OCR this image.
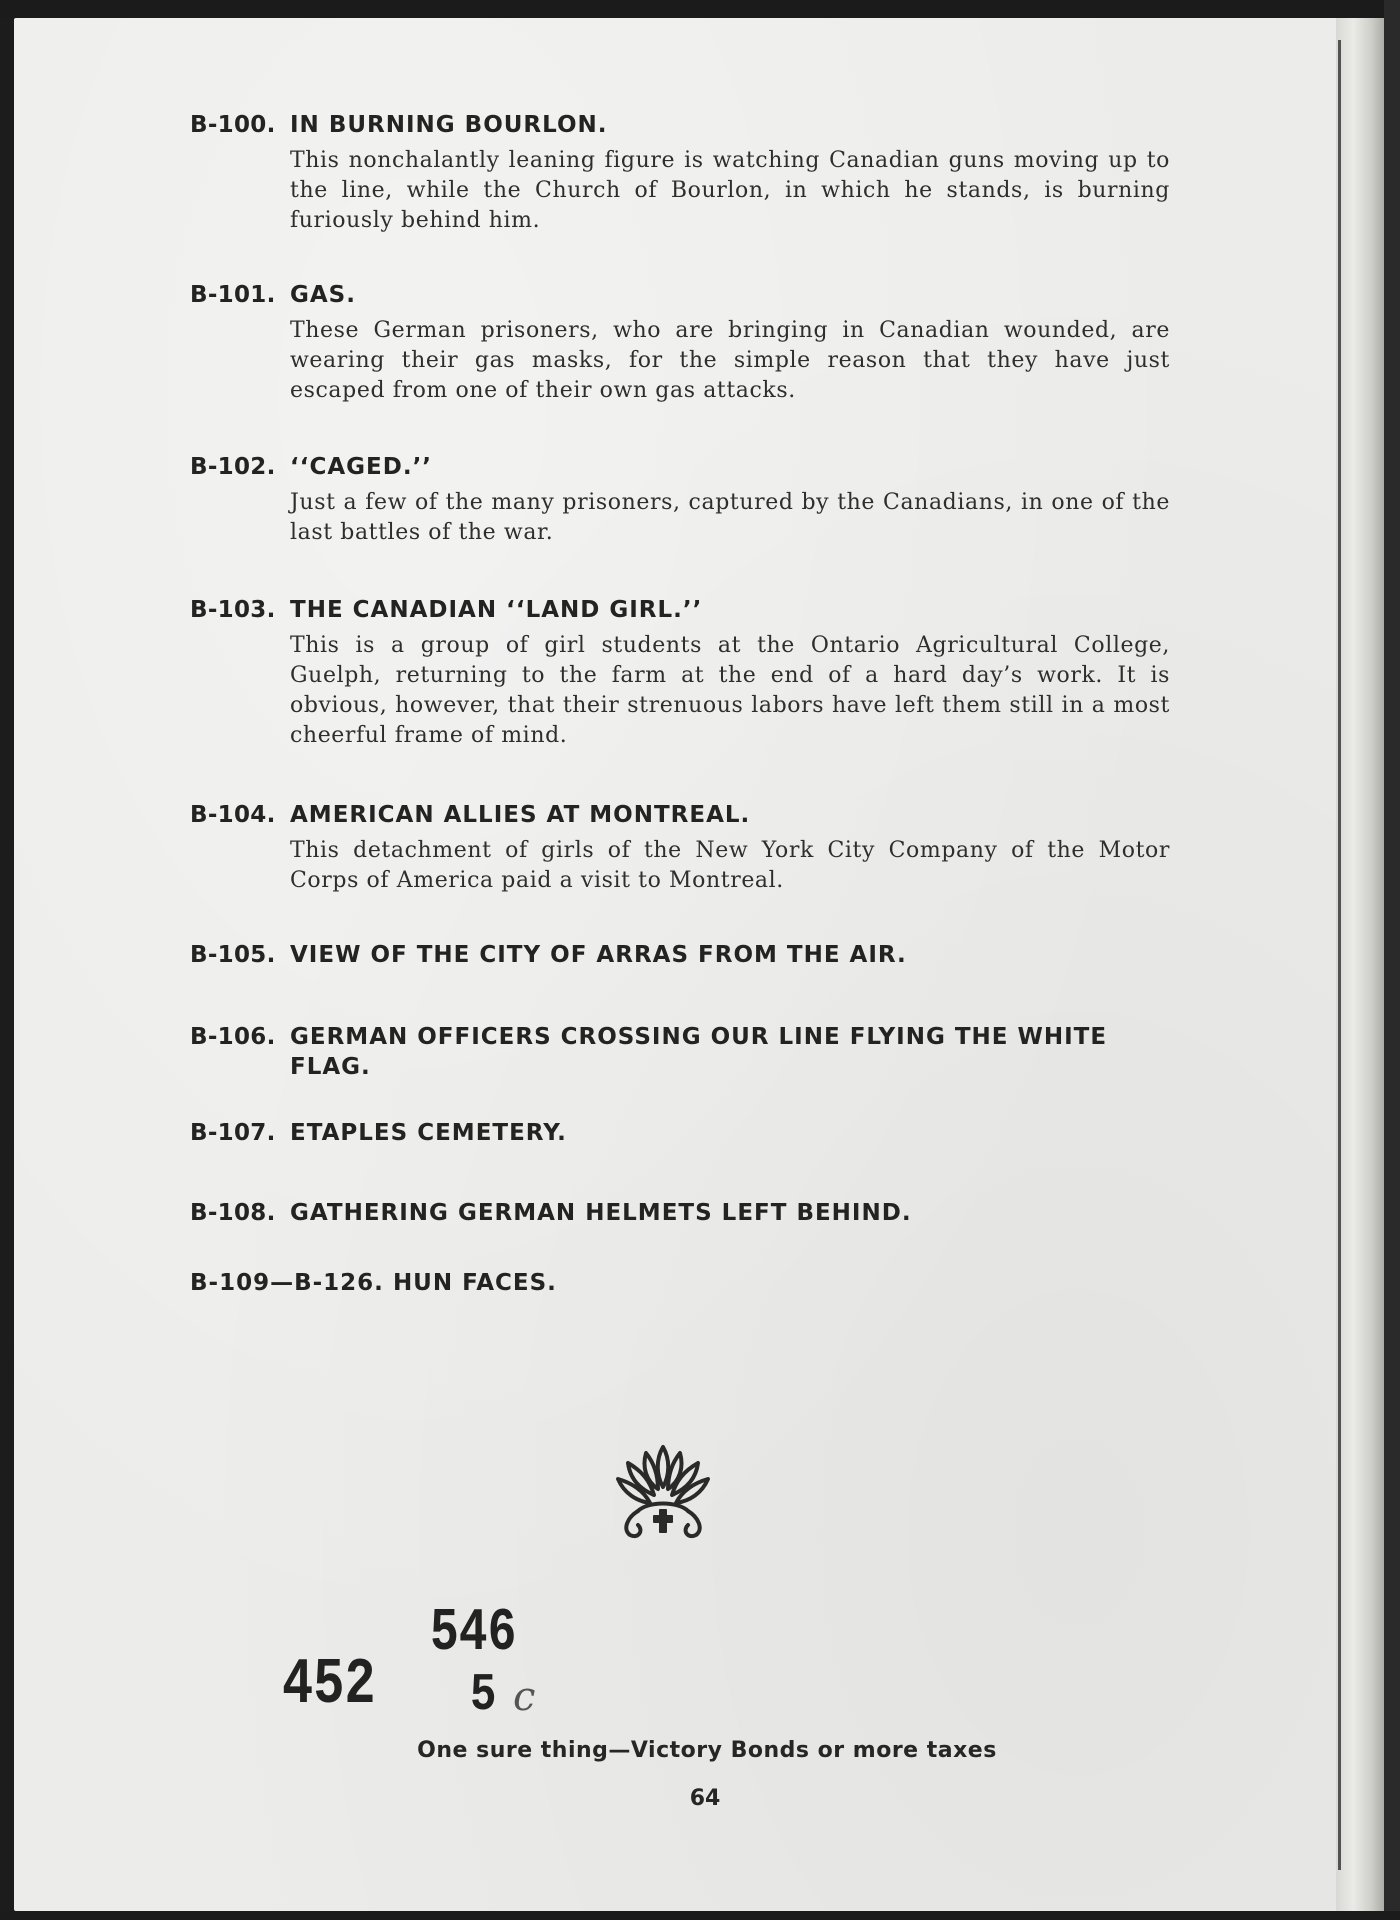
B-100. IN BURNING BOURLON.
This nonchalantly leaning figure is watching Canadian guns moving up to the line, while the Church of Bourlon, in which he stands, is burning furiously behind him.
B-101. GAS.
These German prisoners, who are bringing in Canadian wounded, are wearing their gas masks, for the simple reason that they have just escaped from one of their own gas attacks.
B-102. ‘‘CAGED.’’
Just a few of the many prisoners, captured by the Canadians, in one of the last battles of the war.
B-103. THE CANADIAN ‘‘LAND GIRL.’’
This is a group of girl students at the Ontario Agricultural College, Guelph, returning to the farm at the end of a hard day’s work. It is obvious, however, that their strenuous labors have left them still in a most cheerful frame of mind.
B-104. AMERICAN ALLIES AT MONTREAL.
This detachment of girls of the New York City Company of the Motor Corps of America paid a visit to Montreal.
B-105. VIEW OF THE CITY OF ARRAS FROM THE AIR.
B-106. GERMAN OFFICERS CROSSING OUR LINE FLYING THE WHITE FLAG.
B-107. ETAPLES CEMETERY.
B-108. GATHERING GERMAN HELMETS LEFT BEHIND.
B-109—B-126. HUN FACES.
546
452 5 c
One sure thing—Victory Bonds or more taxes
64
